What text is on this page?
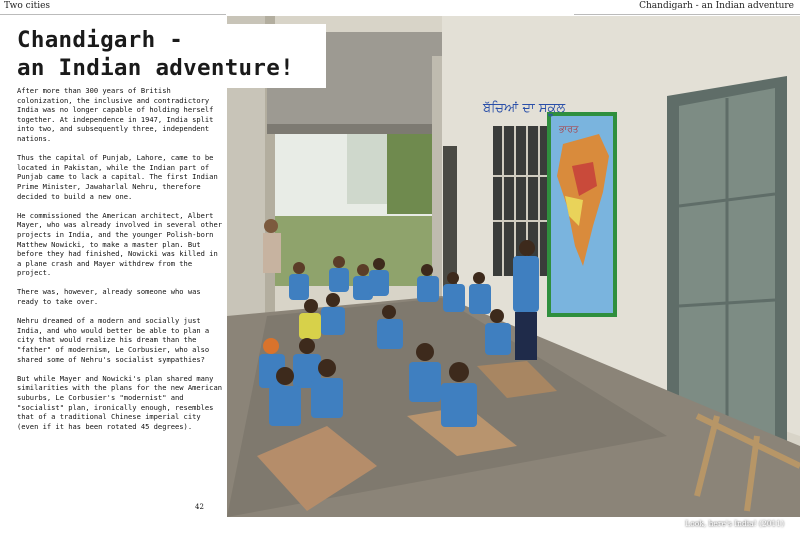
Two cities	Chandigarh - an Indian adventure
ਬੱਚਿਆਂ ਦਾ ਸਕੂਲ
ਭਾਰਤ
Look, here's India! (2011)
Chandigarh -
an Indian adventure!

After more than 300 years of British colonization, the inclusive and contradictory India was no longer capable of holding herself together. At independence in 1947, India split into two, and subsequently three, independent nations.

Thus the capital of Punjab, Lahore, came to be located in Pakistan, while the Indian part of Punjab came to lack a capital. The first Indian Prime Minister, Jawaharlal Nehru, therefore decided to build a new one.

He commissioned the American architect, Albert Mayer, who was already involved in several other projects in India, and the younger Polish-born Matthew Nowicki, to make a master plan. But before they had finished, Nowicki was killed in a plane crash and Mayer withdrew from the project.

There was, however, already someone who was ready to take over.

Nehru dreamed of a modern and socially just India, and who would better be able to plan a city that would realize his dream than the "father" of modernism, Le Corbusier, who also shared some of Nehru's socialist sympathies?

But while Mayer and Nowicki's plan shared many similarities with the plans for the new American suburbs, Le Corbusier's "modernist" and "socialist" plan, ironically enough, resembles that of a traditional Chinese imperial city (even if it has been rotated 45 degrees).

42
